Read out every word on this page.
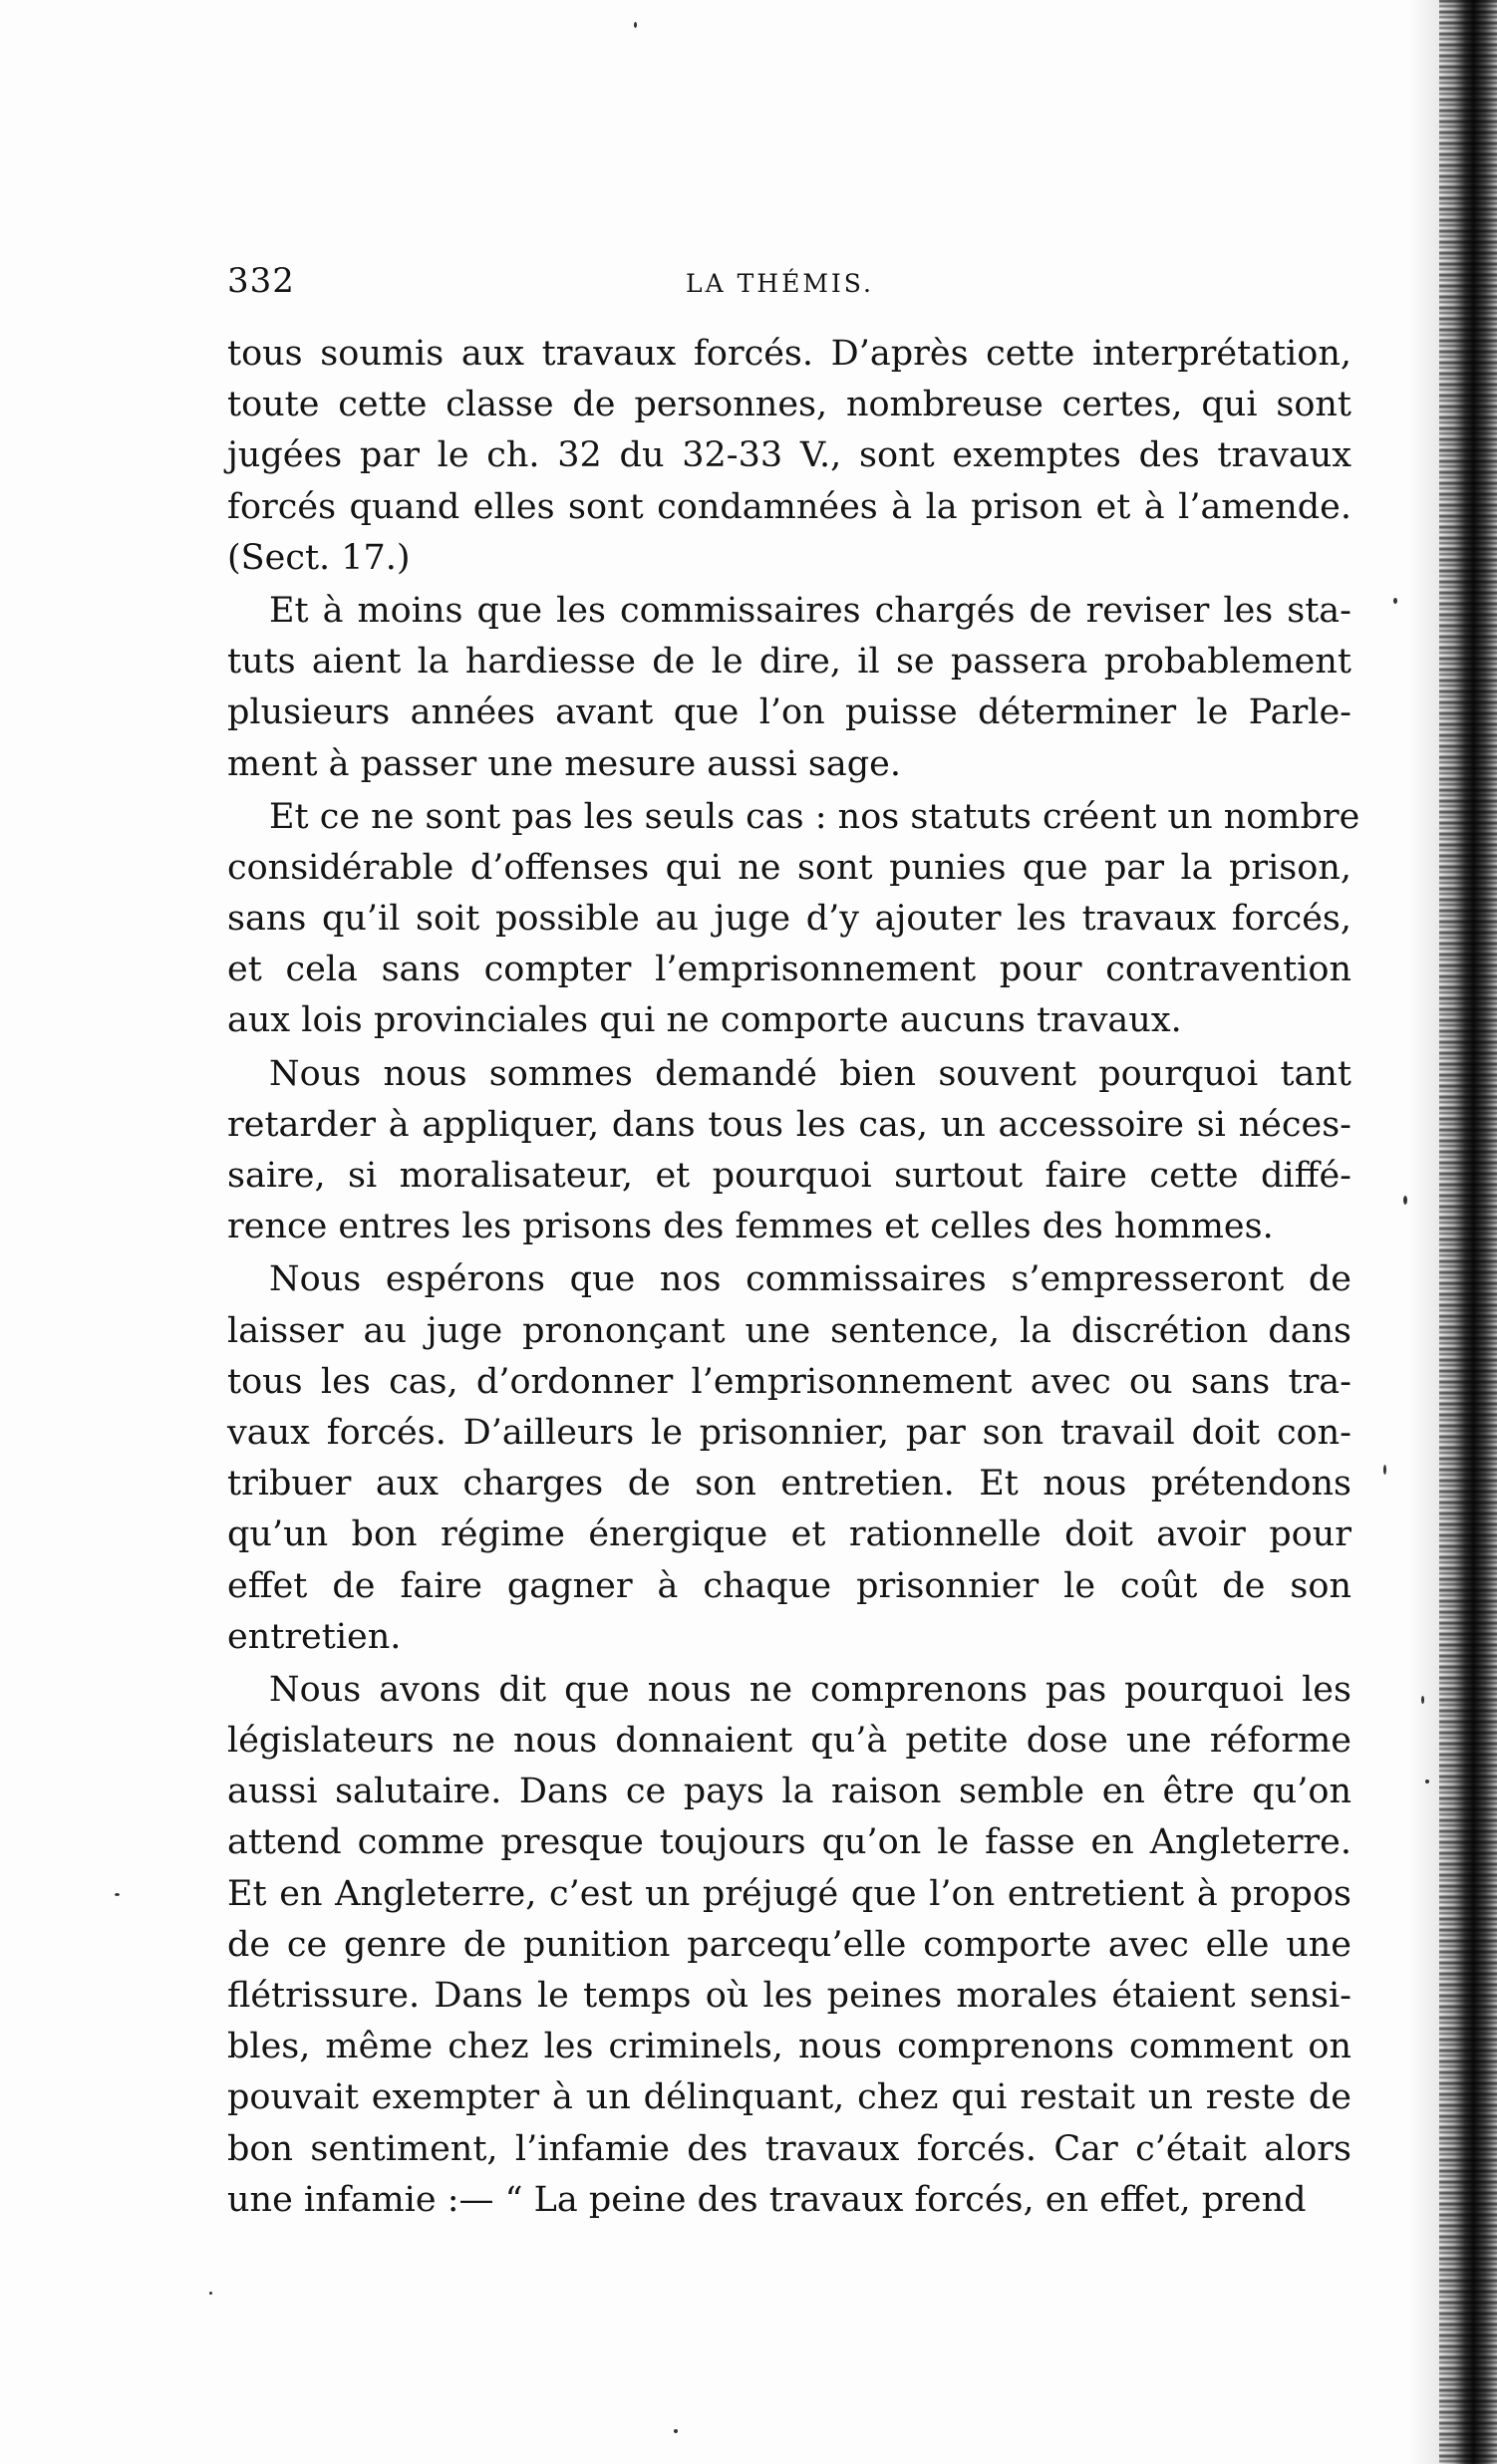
332	LA THÉMIS.
tous soumis aux travaux forcés. D’après cette interprétation,
toute cette classe de personnes, nombreuse certes, qui sont
jugées par le ch. 32 du 32-33 V., sont exemptes des travaux
forcés quand elles sont condamnées à la prison et à l’amende.
(Sect. 17.)
Et à moins que les commissaires chargés de reviser les sta-
tuts aient la hardiesse de le dire, il se passera probablement
plusieurs années avant que l’on puisse déterminer le Parle-
ment à passer une mesure aussi sage.
Et ce ne sont pas les seuls cas : nos statuts créent un nombre
considérable d’offenses qui ne sont punies que par la prison,
sans qu’il soit possible au juge d’y ajouter les travaux forcés,
et cela sans compter l’emprisonnement pour contravention
aux lois provinciales qui ne comporte aucuns travaux.
Nous nous sommes demandé bien souvent pourquoi tant
retarder à appliquer, dans tous les cas, un accessoire si néces-
saire, si moralisateur, et pourquoi surtout faire cette diffé-
rence entres les prisons des femmes et celles des hommes.
Nous espérons que nos commissaires s’empresseront de
laisser au juge prononçant une sentence, la discrétion dans
tous les cas, d’ordonner l’emprisonnement avec ou sans tra-
vaux forcés. D’ailleurs le prisonnier, par son travail doit con-
tribuer aux charges de son entretien. Et nous prétendons
qu’un bon régime énergique et rationnelle doit avoir pour
effet de faire gagner à chaque prisonnier le coût de son
entretien.
Nous avons dit que nous ne comprenons pas pourquoi les
législateurs ne nous donnaient qu’à petite dose une réforme
aussi salutaire. Dans ce pays la raison semble en être qu’on
attend comme presque toujours qu’on le fasse en Angleterre.
Et en Angleterre, c’est un préjugé que l’on entretient à propos
de ce genre de punition parcequ’elle comporte avec elle une
flétrissure. Dans le temps où les peines morales étaient sensi-
bles, même chez les criminels, nous comprenons comment on
pouvait exempter à un délinquant, chez qui restait un reste de
bon sentiment, l’infamie des travaux forcés. Car c’était alors
une infamie :— “ La peine des travaux forcés, en effet, prend
